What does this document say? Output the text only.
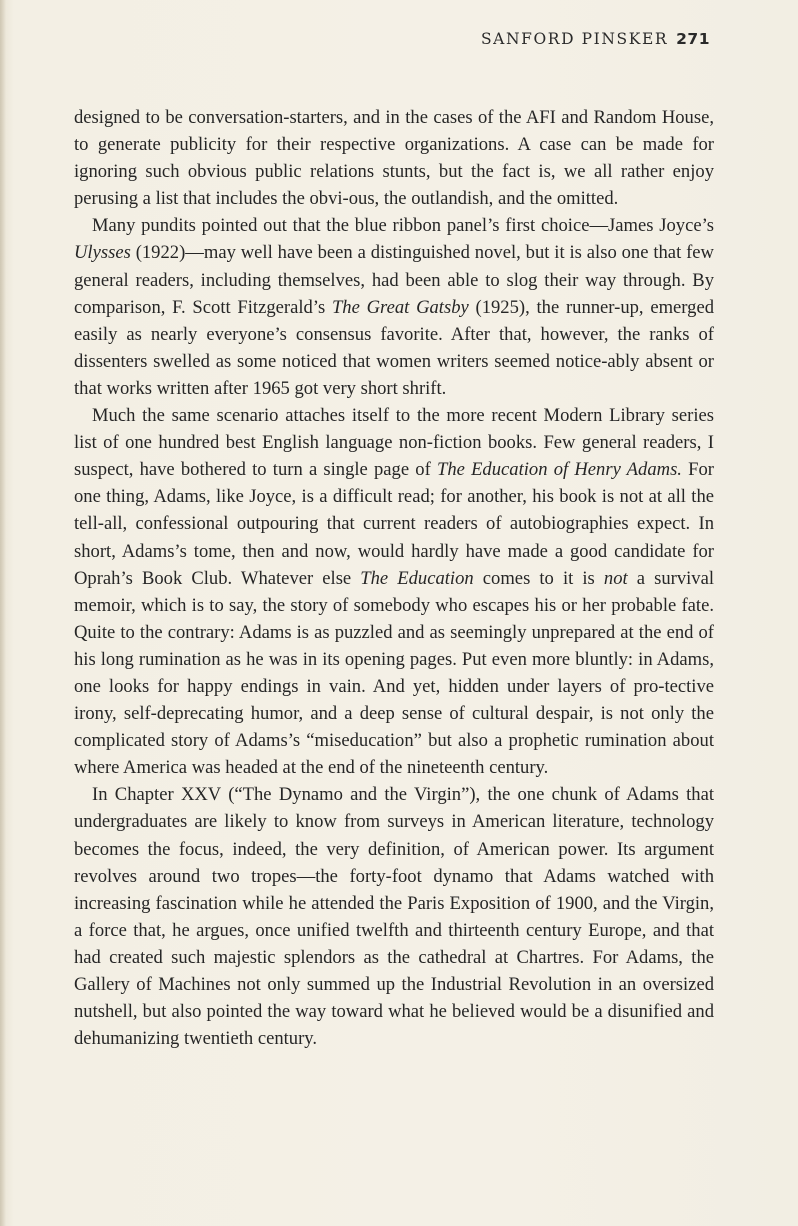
SANFORD PINSKER 271

designed to be conversation-starters, and in the cases of the AFI and Random House, to generate publicity for their respective organizations. A case can be made for ignoring such obvious public relations stunts, but the fact is, we all rather enjoy perusing a list that includes the obvi-ous, the outlandish, and the omitted.

Many pundits pointed out that the blue ribbon panel’s first choice—James Joyce’s Ulysses (1922)—may well have been a distinguished novel, but it is also one that few general readers, including themselves, had been able to slog their way through. By comparison, F. Scott Fitzgerald’s The Great Gatsby (1925), the runner-up, emerged easily as nearly everyone’s consensus favorite. After that, however, the ranks of dissenters swelled as some noticed that women writers seemed notice-ably absent or that works written after 1965 got very short shrift.

Much the same scenario attaches itself to the more recent Modern Library series list of one hundred best English language non-fiction books. Few general readers, I suspect, have bothered to turn a single page of The Education of Henry Adams. For one thing, Adams, like Joyce, is a difficult read; for another, his book is not at all the tell-all, confessional outpouring that current readers of autobiographies expect. In short, Adams’s tome, then and now, would hardly have made a good candidate for Oprah’s Book Club. Whatever else The Education comes to it is not a survival memoir, which is to say, the story of somebody who escapes his or her probable fate. Quite to the contrary: Adams is as puzzled and as seemingly unprepared at the end of his long rumination as he was in its opening pages. Put even more bluntly: in Adams, one looks for happy endings in vain. And yet, hidden under layers of pro-tective irony, self-deprecating humor, and a deep sense of cultural despair, is not only the complicated story of Adams’s “miseducation” but also a prophetic rumination about where America was headed at the end of the nineteenth century.

In Chapter XXV (“The Dynamo and the Virgin”), the one chunk of Adams that undergraduates are likely to know from surveys in American literature, technology becomes the focus, indeed, the very definition, of American power. Its argument revolves around two tropes—the forty-foot dynamo that Adams watched with increasing fascination while he attended the Paris Exposition of 1900, and the Virgin, a force that, he argues, once unified twelfth and thirteenth century Europe, and that had created such majestic splendors as the cathedral at Chartres. For Adams, the Gallery of Machines not only summed up the Industrial Revolution in an oversized nutshell, but also pointed the way toward what he believed would be a disunified and dehumanizing twentieth century.
